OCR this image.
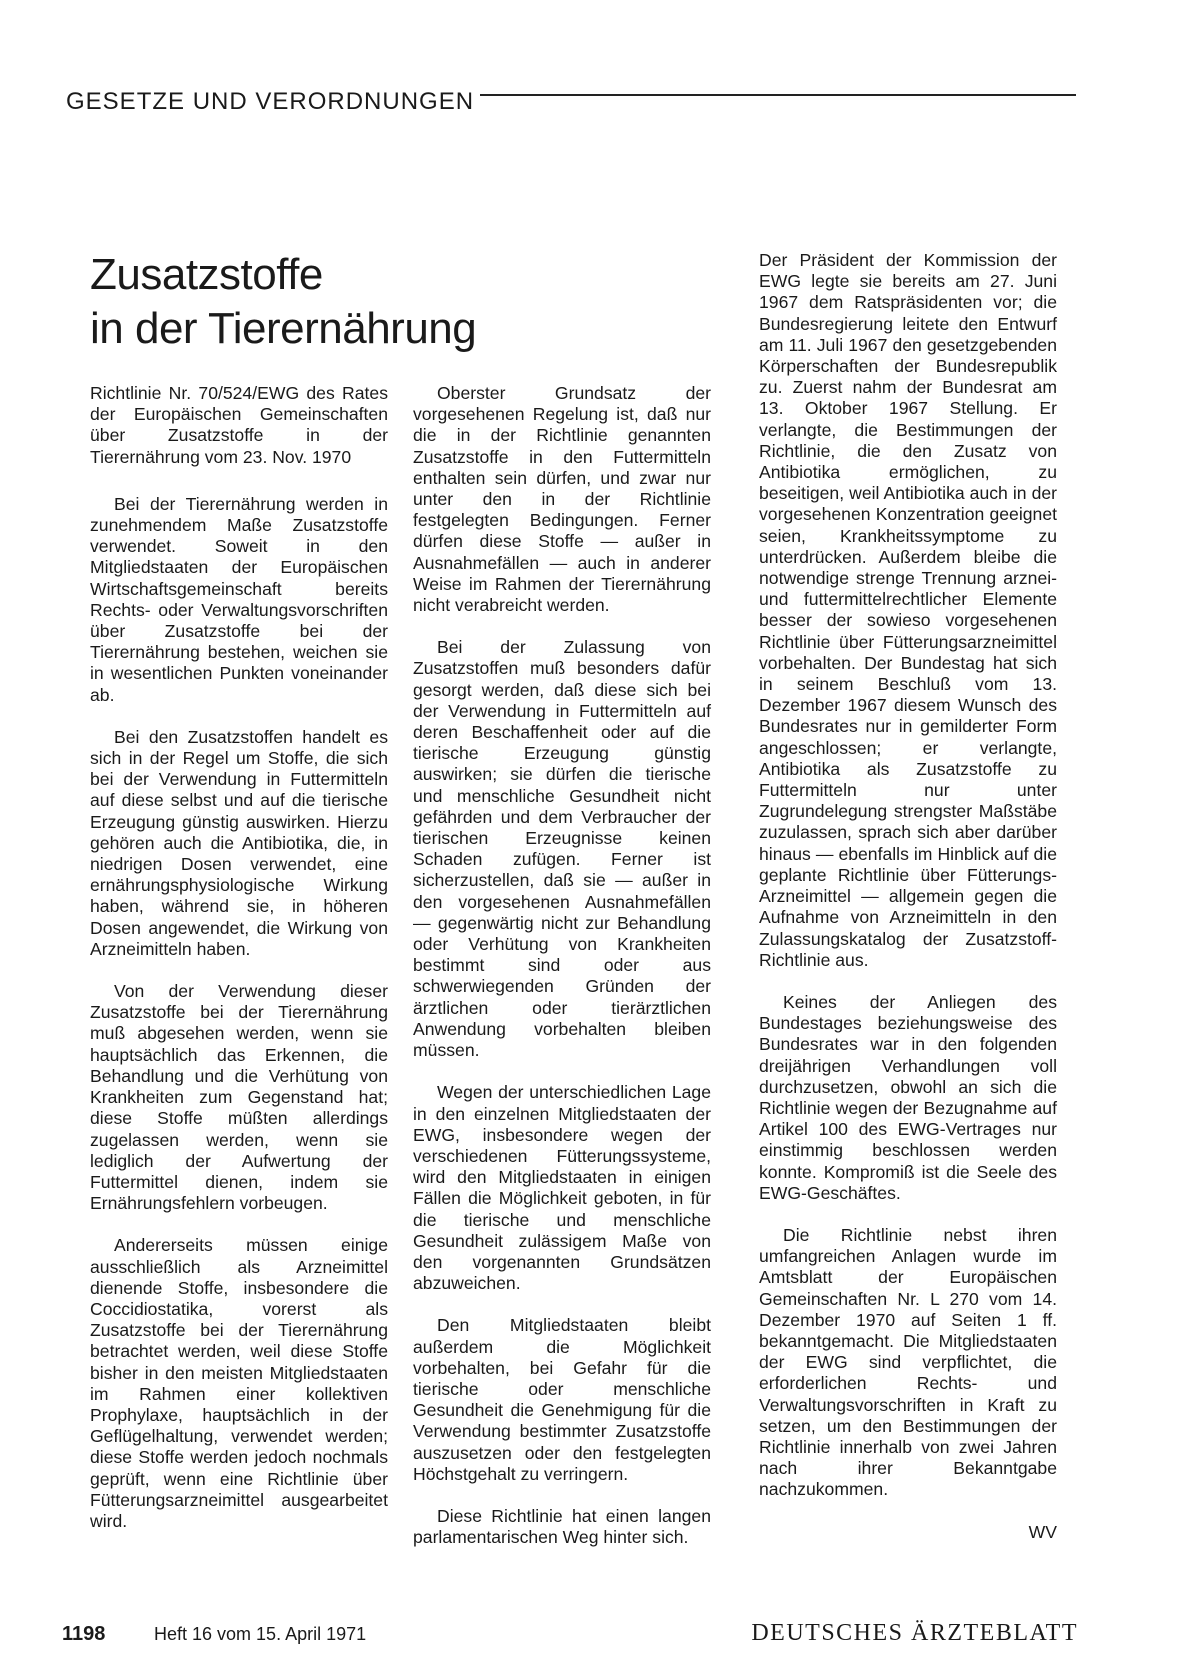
GESETZE UND VERORDNUNGEN
Zusatzstoffe
in der Tierernährung

Richtlinie Nr. 70/524/EWG des Rates der Europäischen Gemeinschaften über Zusatzstoffe in der Tierernährung vom 23. Nov. 1970

Bei der Tierernährung werden in zunehmendem Maße Zusatzstoffe verwendet. Soweit in den Mitgliedstaaten der Europäischen Wirtschaftsgemeinschaft bereits Rechts- oder Verwaltungsvorschriften über Zusatzstoffe bei der Tierernährung bestehen, weichen sie in wesentlichen Punkten voneinander ab.

Bei den Zusatzstoffen handelt es sich in der Regel um Stoffe, die sich bei der Verwendung in Futtermitteln auf diese selbst und auf die tierische Erzeugung günstig auswirken. Hierzu gehören auch die Antibiotika, die, in niedrigen Dosen verwendet, eine ernährungsphysiologische Wirkung haben, während sie, in höheren Dosen angewendet, die Wirkung von Arzneimitteln haben.

Von der Verwendung dieser Zusatzstoffe bei der Tierernährung muß abgesehen werden, wenn sie hauptsächlich das Erkennen, die Behandlung und die Verhütung von Krankheiten zum Gegenstand hat; diese Stoffe müßten allerdings zugelassen werden, wenn sie lediglich der Aufwertung der Futtermittel dienen, indem sie Ernährungsfehlern vorbeugen.

Andererseits müssen einige ausschließlich als Arzneimittel dienende Stoffe, insbesondere die Coccidiostatika, vorerst als Zusatzstoffe bei der Tierernährung betrachtet werden, weil diese Stoffe bisher in den meisten Mitgliedstaaten im Rahmen einer kollektiven Prophylaxe, hauptsächlich in der Geflügelhaltung, verwendet werden; diese Stoffe werden jedoch nochmals geprüft, wenn eine Richtlinie über Fütterungsarzneimittel ausgearbeitet wird.

Oberster Grundsatz der vorgesehenen Regelung ist, daß nur die in der Richtlinie genannten Zusatzstoffe in den Futtermitteln enthalten sein dürfen, und zwar nur unter den in der Richtlinie festgelegten Bedingungen. Ferner dürfen diese Stoffe — außer in Ausnahmefällen — auch in anderer Weise im Rahmen der Tierernährung nicht verabreicht werden.

Bei der Zulassung von Zusatzstoffen muß besonders dafür gesorgt werden, daß diese sich bei der Verwendung in Futtermitteln auf deren Beschaffenheit oder auf die tierische Erzeugung günstig auswirken; sie dürfen die tierische und menschliche Gesundheit nicht gefährden und dem Verbraucher der tierischen Erzeugnisse keinen Schaden zufügen. Ferner ist sicherzustellen, daß sie — außer in den vorgesehenen Ausnahmefällen — gegenwärtig nicht zur Behandlung oder Verhütung von Krankheiten bestimmt sind oder aus schwerwiegenden Gründen der ärztlichen oder tierärztlichen Anwendung vorbehalten bleiben müssen.

Wegen der unterschiedlichen Lage in den einzelnen Mitgliedstaaten der EWG, insbesondere wegen der verschiedenen Fütterungssysteme, wird den Mitgliedstaaten in einigen Fällen die Möglichkeit geboten, in für die tierische und menschliche Gesundheit zulässigem Maße von den vorgenannten Grundsätzen abzuweichen.

Den Mitgliedstaaten bleibt außerdem die Möglichkeit vorbehalten, bei Gefahr für die tierische oder menschliche Gesundheit die Genehmigung für die Verwendung bestimmter Zusatzstoffe auszusetzen oder den festgelegten Höchstgehalt zu verringern.

Diese Richtlinie hat einen langen parlamentarischen Weg hinter sich.

Der Präsident der Kommission der EWG legte sie bereits am 27. Juni 1967 dem Ratspräsidenten vor; die Bundesregierung leitete den Entwurf am 11. Juli 1967 den gesetzgebenden Körperschaften der Bundesrepublik zu. Zuerst nahm der Bundesrat am 13. Oktober 1967 Stellung. Er verlangte, die Bestimmungen der Richtlinie, die den Zusatz von Antibiotika ermöglichen, zu beseitigen, weil Antibiotika auch in der vorgesehenen Konzentration geeignet seien, Krankheitssymptome zu unterdrücken. Außerdem bleibe die notwendige strenge Trennung arznei- und futtermittelrechtlicher Elemente besser der sowieso vorgesehenen Richtlinie über Fütterungsarzneimittel vorbehalten. Der Bundestag hat sich in seinem Beschluß vom 13. Dezember 1967 diesem Wunsch des Bundesrates nur in gemilderter Form angeschlossen; er verlangte, Antibiotika als Zusatzstoffe zu Futtermitteln nur unter Zugrundelegung strengster Maßstäbe zuzulassen, sprach sich aber darüber hinaus — ebenfalls im Hinblick auf die geplante Richtlinie über Fütterungs-Arzneimittel — allgemein gegen die Aufnahme von Arzneimitteln in den Zulassungskatalog der Zusatzstoff-Richtlinie aus.

Keines der Anliegen des Bundestages beziehungsweise des Bundesrates war in den folgenden dreijährigen Verhandlungen voll durchzusetzen, obwohl an sich die Richtlinie wegen der Bezugnahme auf Artikel 100 des EWG-Vertrages nur einstimmig beschlossen werden konnte. Kompromiß ist die Seele des EWG-Geschäftes.

Die Richtlinie nebst ihren umfangreichen Anlagen wurde im Amtsblatt der Europäischen Gemeinschaften Nr. L 270 vom 14. Dezember 1970 auf Seiten 1 ff. bekanntgemacht. Die Mitgliedstaaten der EWG sind verpflichtet, die erforderlichen Rechts- und Verwaltungsvorschriften in Kraft zu setzen, um den Bestimmungen der Richtlinie innerhalb von zwei Jahren nach ihrer Bekanntgabe nachzukommen.

WV
1198	Heft 16 vom 15. April 1971	DEUTSCHES ÄRZTEBLATT
